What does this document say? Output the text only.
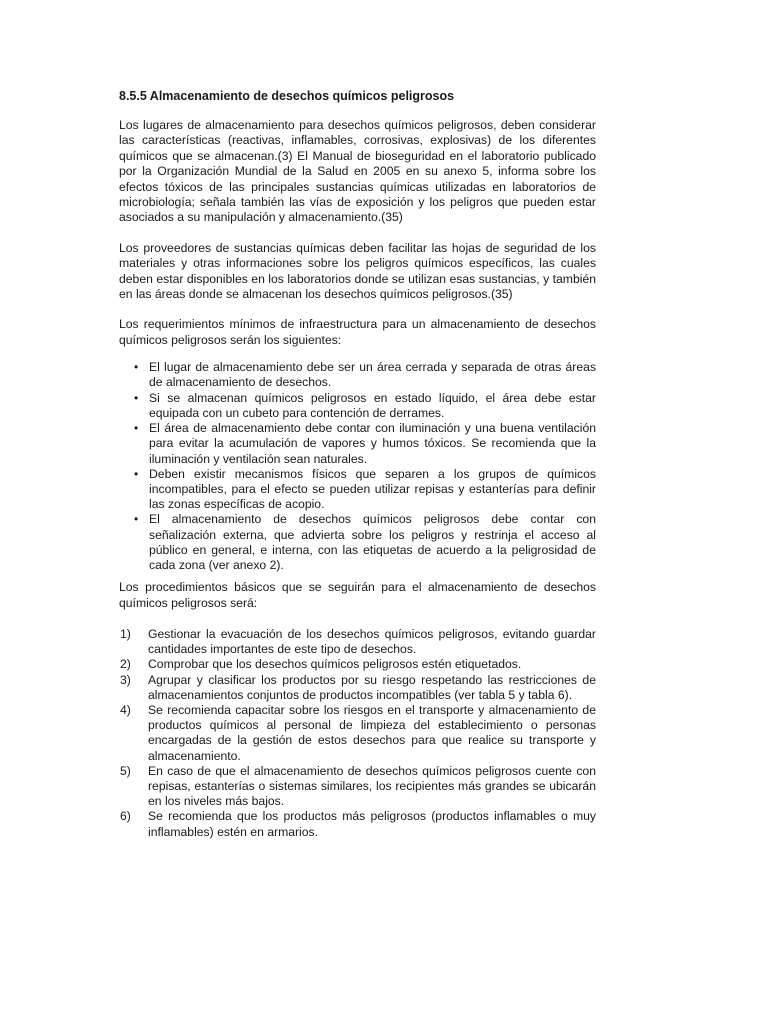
8.5.5 Almacenamiento de desechos químicos peligrosos

Los lugares de almacenamiento para desechos químicos peligrosos, deben considerar las características (reactivas, inflamables, corrosivas, explosivas) de los diferentes químicos que se almacenan.(3) El Manual de bioseguridad en el laboratorio publicado por la Organización Mundial de la Salud en 2005 en su anexo 5, informa sobre los efectos tóxicos de las principales sustancias químicas utilizadas en laboratorios de microbiología; señala también las vías de exposición y los peligros que pueden estar asociados a su manipulación y almacenamiento.(35)

Los proveedores de sustancias químicas deben facilitar las hojas de seguridad de los materiales y otras informaciones sobre los peligros químicos específicos, las cuales deben estar disponibles en los laboratorios donde se utilizan esas sustancias, y también en las áreas donde se almacenan los desechos químicos peligrosos.(35)

Los requerimientos mínimos de infraestructura para un almacenamiento de desechos químicos peligrosos serán los siguientes:

• El lugar de almacenamiento debe ser un área cerrada y separada de otras áreas de almacenamiento de desechos.
• Si se almacenan químicos peligrosos en estado líquido, el área debe estar equipada con un cubeto para contención de derrames.
• El área de almacenamiento debe contar con iluminación y una buena ventilación para evitar la acumulación de vapores y humos tóxicos. Se recomienda que la iluminación y ventilación sean naturales.
• Deben existir mecanismos físicos que separen a los grupos de químicos incompatibles, para el efecto se pueden utilizar repisas y estanterías para definir las zonas específicas de acopio.
• El almacenamiento de desechos químicos peligrosos debe contar con señalización externa, que advierta sobre los peligros y restrinja el acceso al público en general, e interna, con las etiquetas de acuerdo a la peligrosidad de cada zona (ver anexo 2).

Los procedimientos básicos que se seguirán para el almacenamiento de desechos químicos peligrosos será:

1)	Gestionar la evacuación de los desechos químicos peligrosos, evitando guardar cantidades importantes de este tipo de desechos.
2)	Comprobar que los desechos químicos peligrosos estén etiquetados.
3)	Agrupar y clasificar los productos por su riesgo respetando las restricciones de almacenamientos conjuntos de productos incompatibles (ver tabla 5 y tabla 6).
4)	Se recomienda capacitar sobre los riesgos en el transporte y almacenamiento de productos químicos al personal de limpieza del establecimiento o personas encargadas de la gestión de estos desechos para que realice su transporte y almacenamiento.
5)	En caso de que el almacenamiento de desechos químicos peligrosos cuente con repisas, estanterías o sistemas similares, los recipientes más grandes se ubicarán en los niveles más bajos.
6)	Se recomienda que los productos más peligrosos (productos inflamables o muy inflamables) estén en armarios.
